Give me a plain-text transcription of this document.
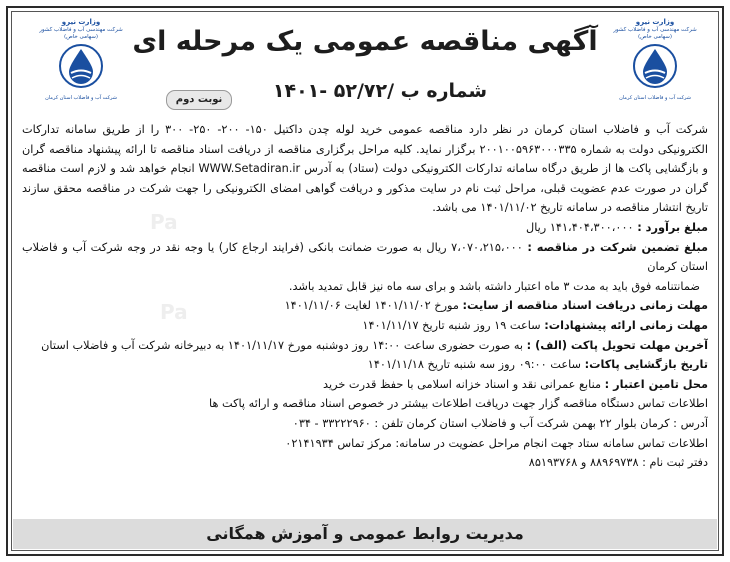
Pa
Pa
وزارت نیرو
شرکت مهندسی آب و فاضلاب کشور
(سهامی خاص)
شرکت آب و فاضلاب استان کرمان
وزارت نیرو
شرکت مهندسی آب و فاضلاب کشور
(سهامی خاص)
شرکت آب و فاضلاب استان کرمان
آگهی مناقصه عمومی یک مرحله ای
شماره ب /۵۲/۷۲ -۱۴۰۱
نوبت دوم

شرکت آب و فاضلاب استان کرمان در نظر دارد مناقصه عمومی خرید لوله چدن داکتیل ۱۵۰- ۲۰۰- ۲۵۰- ۳۰۰ را از طریق سامانه تدارکات الکترونیکی دولت به شماره ۲۰۰۱۰۰۵۹۶۳۰۰۰۳۳۵ برگزار نماید. کلیه مراحل برگزاری مناقصه از دریافت اسناد مناقصه تا ارائه پیشنهاد مناقصه گران و بازگشایی پاکت ها از طریق درگاه سامانه تدارکات الکترونیکی دولت (ستاد) به آدرس WWW.Setadiran.ir انجام خواهد شد و لازم است مناقصه گران در صورت عدم عضویت قبلی، مراحل ثبت نام در سایت مذکور و دریافت گواهی امضای الکترونیکی را جهت شرکت در مناقصه محقق سازند تاریخ انتشار مناقصه در سامانه تاریخ ۱۴۰۱/۱۱/۰۲ می باشد.

مبلغ برآورد : ۱۴۱،۴۰۴،۳۰۰،۰۰۰ ریال

مبلغ تضمین شرکت در مناقصه : ۷،۰۷۰،۲۱۵،۰۰۰ ریال به صورت ضمانت بانکی (فرایند ارجاع کار) یا وجه نقد در وجه شرکت آب و فاضلاب استان کرمان

ضمانتنامه فوق باید به مدت ۳ ماه اعتبار داشته باشد و برای سه ماه نیز قابل تمدید باشد.

مهلت زمانی دریافت اسناد مناقصه از سایت: مورخ ۱۴۰۱/۱۱/۰۲ لغایت ۱۴۰۱/۱۱/۰۶

مهلت زمانی ارائه پیشنهادات: ساعت ۱۹ روز شنبه تاریخ ۱۴۰۱/۱۱/۱۷

آخرین مهلت تحویل پاکت (الف) : به صورت حضوری ساعت ۱۴:۰۰ روز دوشنبه مورخ ۱۴۰۱/۱۱/۱۷ به دبیرخانه شرکت آب و فاضلاب استان

تاریخ بازگشایی پاکات: ساعت ۰۹:۰۰ روز سه شنبه تاریخ ۱۴۰۱/۱۱/۱۸

محل تامین اعتبار : منابع عمرانی نقد و اسناد خزانه اسلامی با حفظ قدرت خرید

اطلاعات تماس دستگاه مناقصه گزار جهت دریافت اطلاعات بیشتر در خصوص اسناد مناقصه و ارائه پاکت ها

آدرس : کرمان بلوار ۲۲ بهمن شرکت آب و فاضلاب استان کرمان تلفن : ۳۳۲۲۲۹۶۰ - ۰۳۴

اطلاعات تماس سامانه ستاد جهت انجام مراحل عضویت در سامانه: مرکز تماس ۰۲۱۴۱۹۳۴

دفتر ثبت نام : ۸۸۹۶۹۷۳۸ و ۸۵۱۹۳۷۶۸

مدیریت روابط عمومی و آموزش همگانی
